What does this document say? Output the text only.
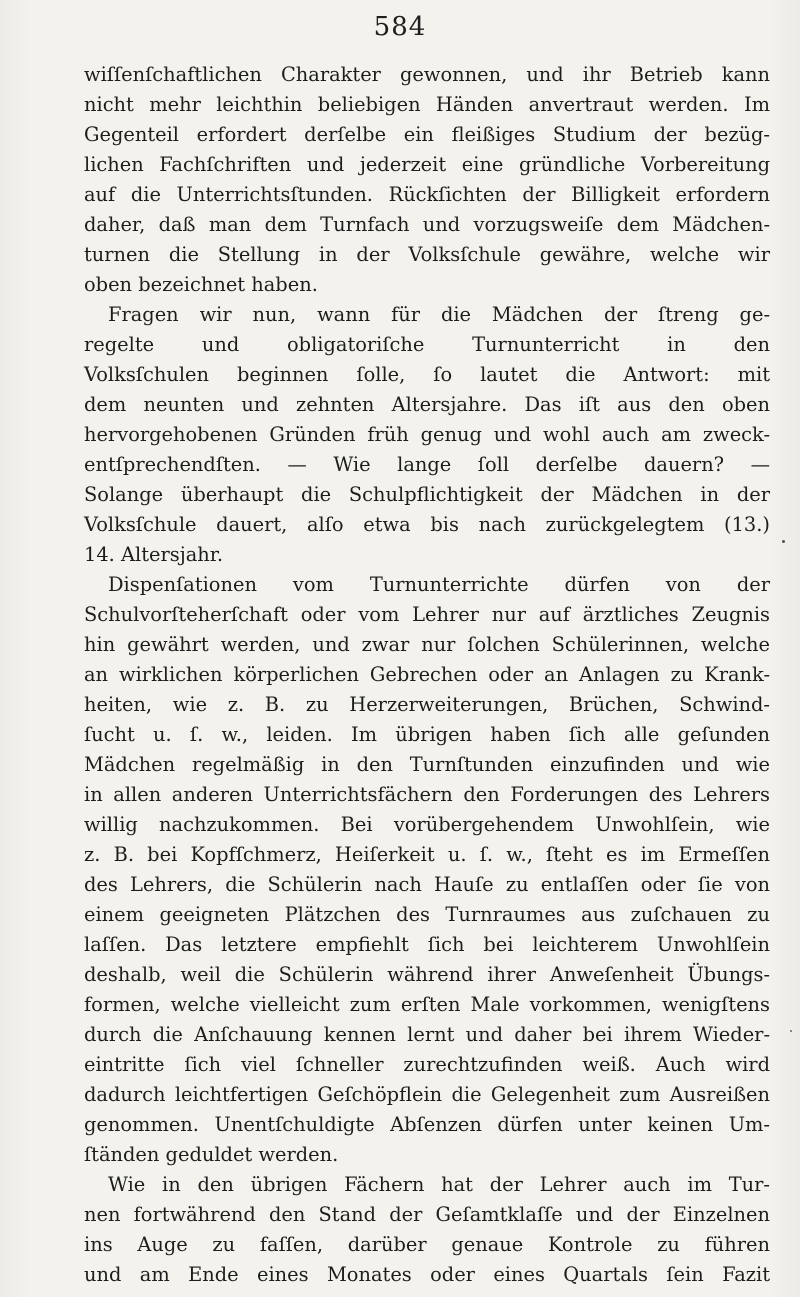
584
wiſſenſchaftlichen Charakter gewonnen, und ihr Betrieb kann
nicht mehr leichthin beliebigen Händen anvertraut werden. Im
Gegenteil erfordert derſelbe ein fleißiges Studium der bezüg-
lichen Fachſchriften und jederzeit eine gründliche Vorbereitung
auf die Unterrichtsſtunden. Rückſichten der Billigkeit erfordern
daher, daß man dem Turnfach und vorzugsweiſe dem Mädchen-
turnen die Stellung in der Volksſchule gewähre, welche wir
oben bezeichnet haben.
Fragen wir nun, wann für die Mädchen der ſtreng ge-
regelte und obligatoriſche Turnunterricht in den
Volksſchulen beginnen ſolle, ſo lautet die Antwort: mit
dem neunten und zehnten Altersjahre. Das iſt aus den oben
hervorgehobenen Gründen früh genug und wohl auch am zweck-
entſprechendſten. — Wie lange ſoll derſelbe dauern? —
Solange überhaupt die Schulpflichtigkeit der Mädchen in der
Volksſchule dauert, alſo etwa bis nach zurückgelegtem (13.)
14. Altersjahr.
Dispenſationen vom Turnunterrichte dürfen von der
Schulvorſteherſchaft oder vom Lehrer nur auf ärztliches Zeugnis
hin gewährt werden, und zwar nur ſolchen Schülerinnen, welche
an wirklichen körperlichen Gebrechen oder an Anlagen zu Krank-
heiten, wie z. B. zu Herzerweiterungen, Brüchen, Schwind-
ſucht u. ſ. w., leiden. Im übrigen haben ſich alle geſunden
Mädchen regelmäßig in den Turnſtunden einzufinden und wie
in allen anderen Unterrichtsfächern den Forderungen des Lehrers
willig nachzukommen. Bei vorübergehendem Unwohlſein, wie
z. B. bei Kopfſchmerz, Heiſerkeit u. ſ. w., ſteht es im Ermeſſen
des Lehrers, die Schülerin nach Hauſe zu entlaſſen oder ſie von
einem geeigneten Plätzchen des Turnraumes aus zuſchauen zu
laſſen. Das letztere empfiehlt ſich bei leichterem Unwohlſein
deshalb, weil die Schülerin während ihrer Anweſenheit Übungs-
formen, welche vielleicht zum erſten Male vorkommen, wenigſtens
durch die Anſchauung kennen lernt und daher bei ihrem Wieder-
eintritte ſich viel ſchneller zurechtzufinden weiß. Auch wird
dadurch leichtfertigen Geſchöpflein die Gelegenheit zum Ausreißen
genommen. Unentſchuldigte Abſenzen dürfen unter keinen Um-
ſtänden geduldet werden.
Wie in den übrigen Fächern hat der Lehrer auch im Tur-
nen fortwährend den Stand der Geſamtklaſſe und der Einzelnen
ins Auge zu faſſen, darüber genaue Kontrole zu führen
und am Ende eines Monates oder eines Quartals ſein Fazit
